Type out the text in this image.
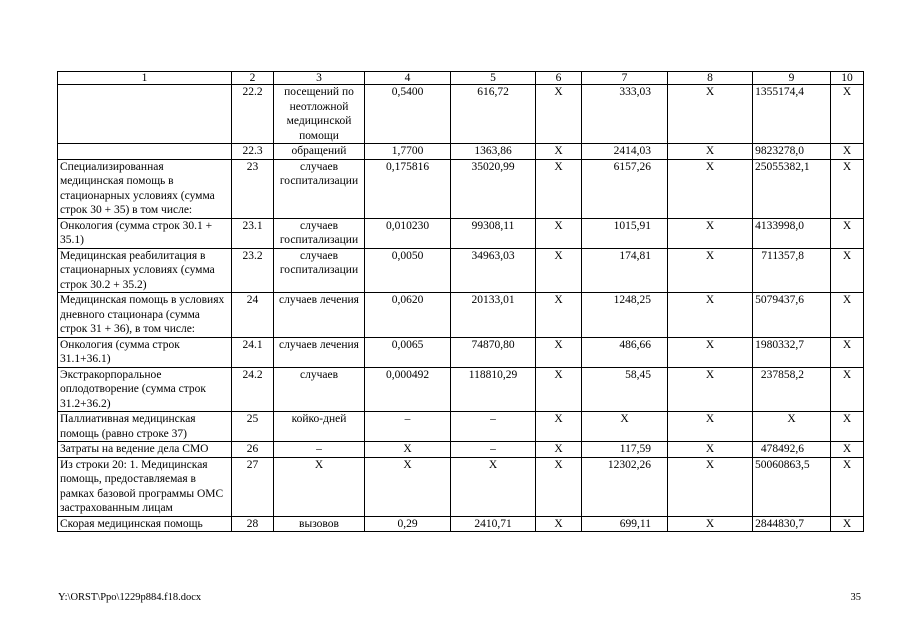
1	2	3	4	5	6	7	8	9	10
	22.2	посещений по неотложной медицинской помощи	0,5400	616,72	Х	333,03	Х	1355174,4	Х
	22.3	обращений	1,7700	1363,86	Х	2414,03	Х	9823278,0	Х
Специализированная медицинская помощь в стационарных условиях (сумма строк 30 + 35) в том числе:	23	случаев госпитализации	0,175816	35020,99	Х	6157,26	Х	25055382,1	Х
Онкология (сумма строк 30.1 + 35.1)	23.1	случаев госпитализации	0,010230	99308,11	Х	1015,91	Х	4133998,0	Х
Медицинская реабилитация в стационарных условиях (сумма строк 30.2 + 35.2)	23.2	случаев госпитализации	0,0050	34963,03	Х	174,81	Х	711357,8	Х
Медицинская помощь в условиях дневного стационара (сумма строк 31 + 36), в том числе:	24	случаев лечения	0,0620	20133,01	Х	1248,25	Х	5079437,6	Х
Онкология (сумма строк 31.1+36.1)	24.1	случаев лечения	0,0065	74870,80	Х	486,66	Х	1980332,7	Х
Экстракорпоральное оплодотворение (сумма строк 31.2+36.2)	24.2	случаев	0,000492	118810,29	Х	58,45	Х	237858,2	Х
Паллиативная медицинская помощь (равно строке 37)	25	койко-дней	–	–	Х	Х	Х	Х	Х
Затраты на ведение дела СМО	26	–	Х	–	Х	117,59	Х	478492,6	Х
Из строки 20: 1. Медицинская помощь, предоставляемая в рамках базовой программы ОМС застрахованным лицам	27	Х	Х	Х	Х	12302,26	Х	50060863,5	Х
Скорая медицинская помощь	28	вызовов	0,29	2410,71	Х	699,11	Х	2844830,7	Х
Y:\ORST\Ppo\1229p884.f18.docx	35
